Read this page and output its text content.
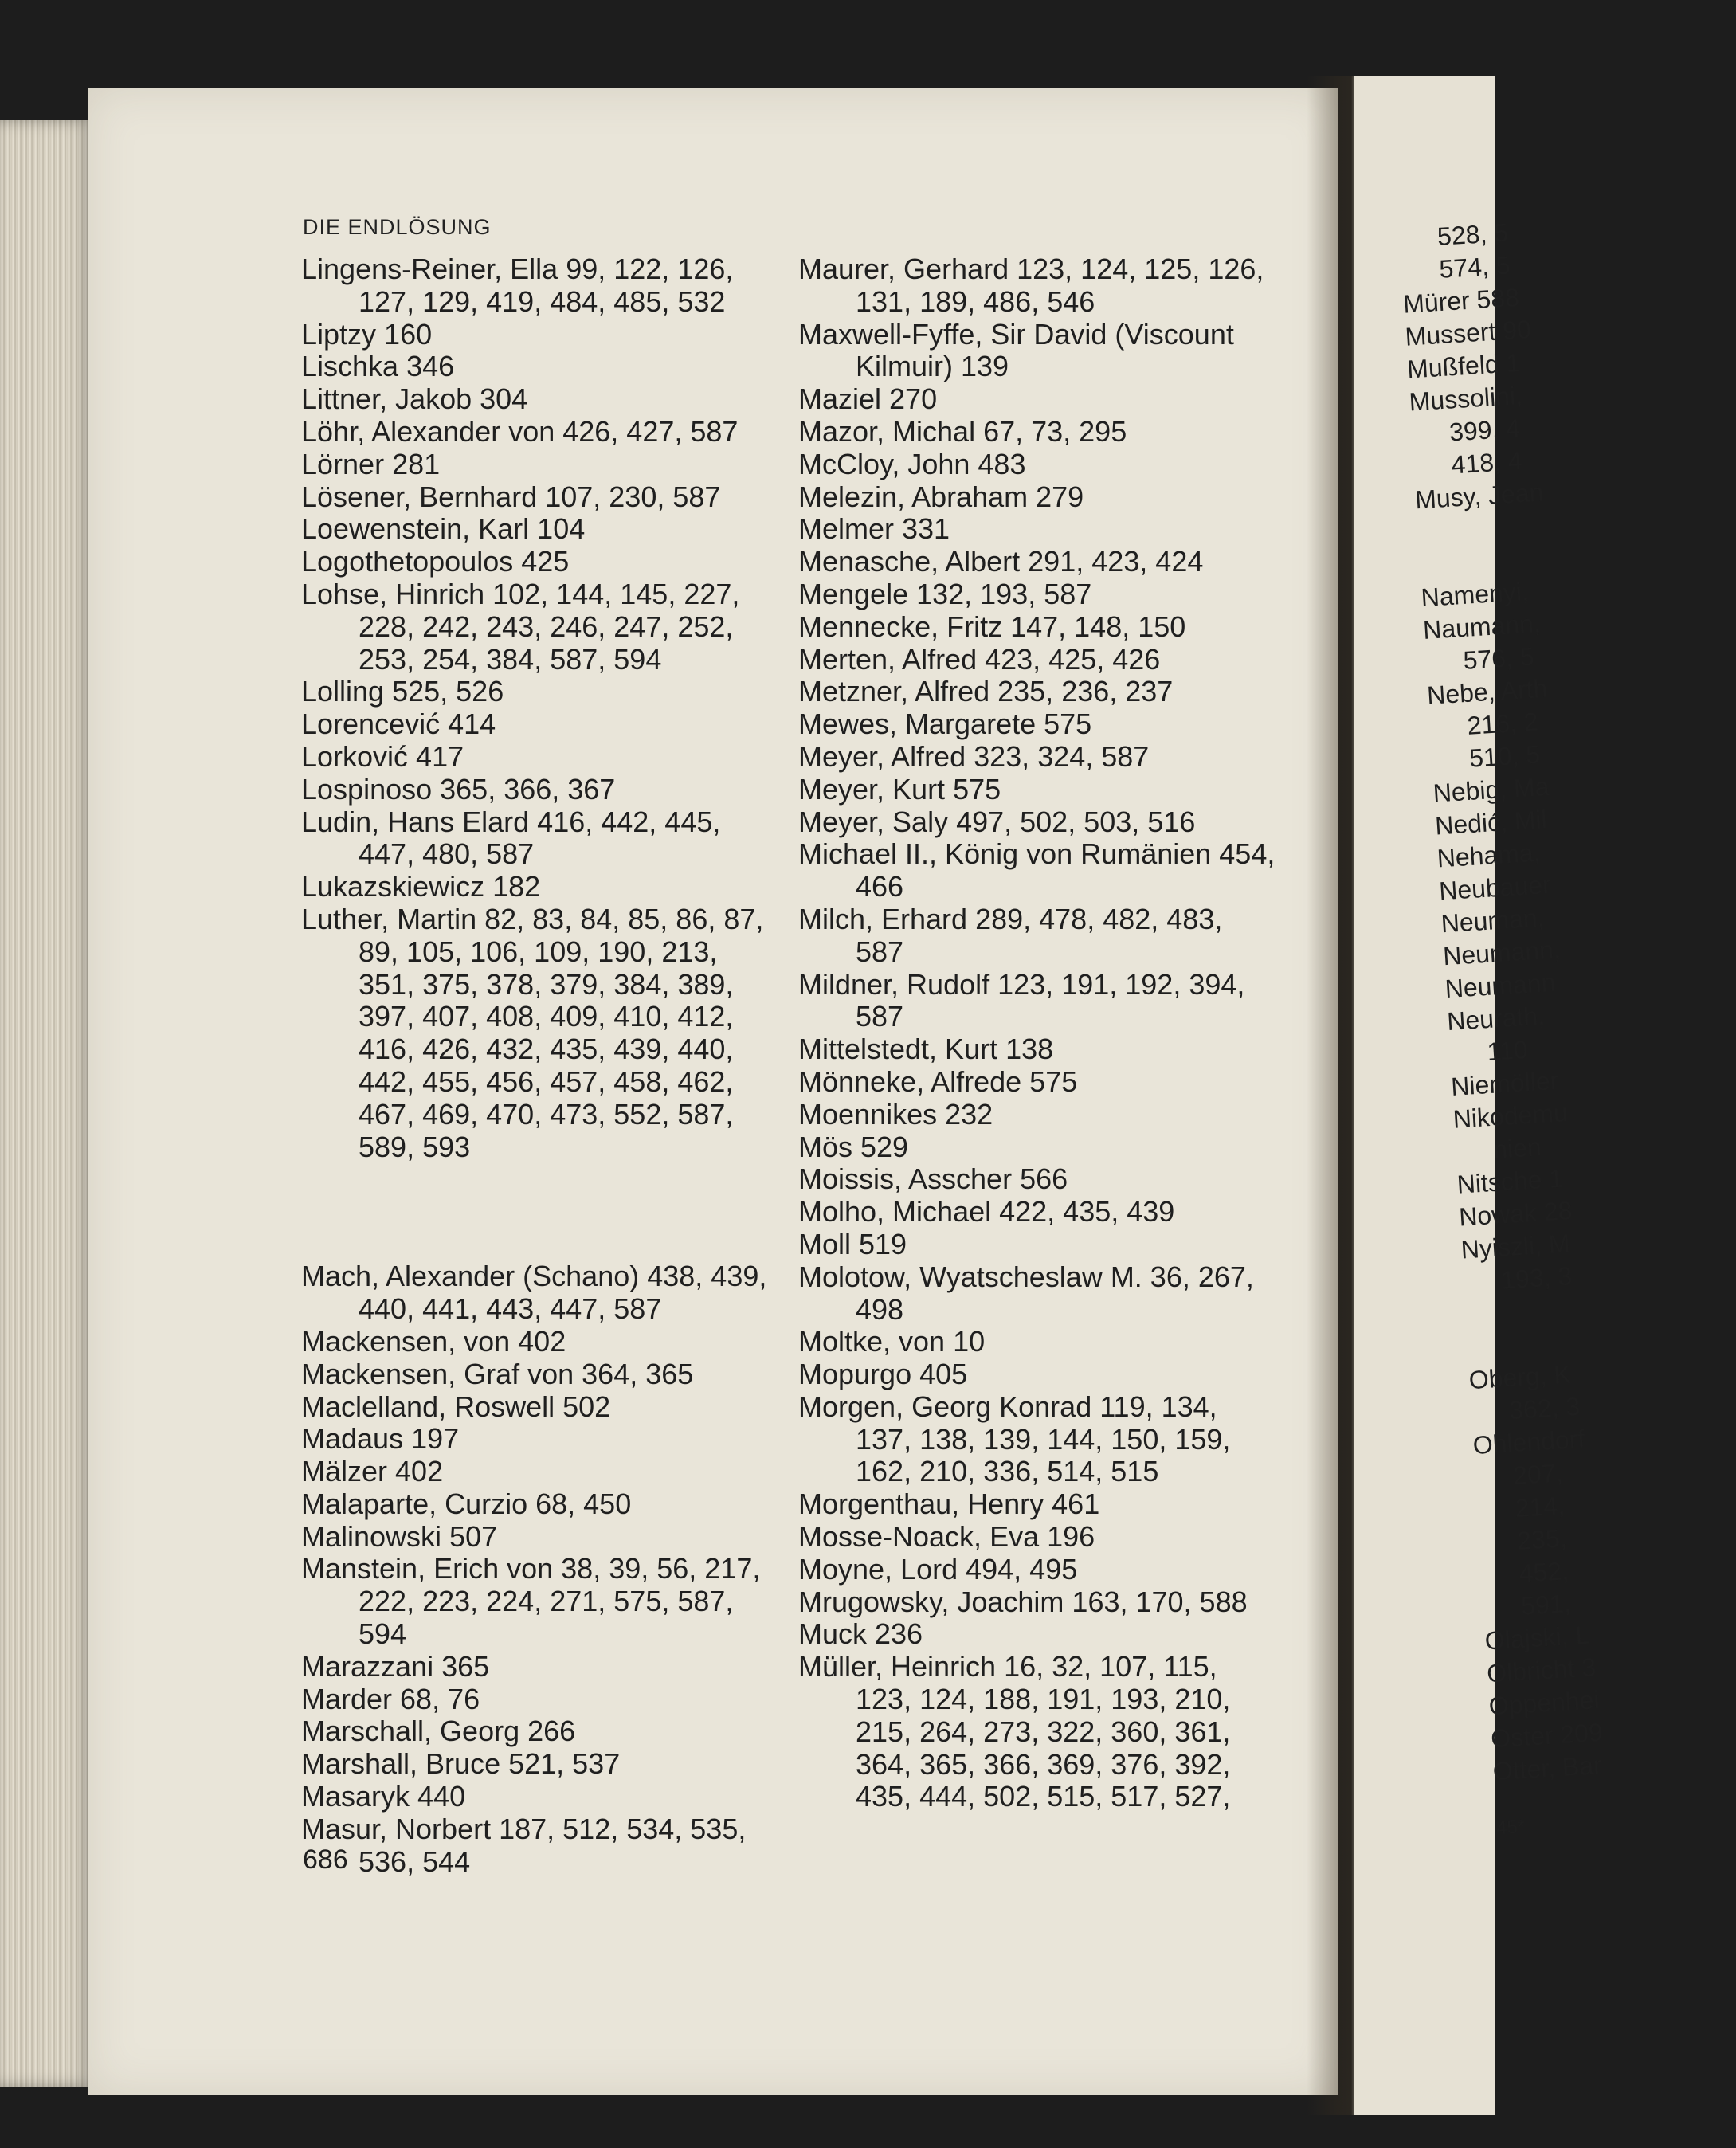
DIE ENDLÖSUNG
Lingens-Reiner, Ella 99, 122, 126, 127, 129, 419, 484, 485, 532
Liptzy 160
Lischka 346
Littner, Jakob 304
Löhr, Alexander von 426, 427, 587
Lörner 281
Lösener, Bernhard 107, 230, 587
Loewenstein, Karl 104
Logothetopoulos 425
Lohse, Hinrich 102, 144, 145, 227, 228, 242, 243, 246, 247, 252, 253, 254, 384, 587, 594
Lolling 525, 526
Lorencević 414
Lorković 417
Lospinoso 365, 366, 367
Ludin, Hans Elard 416, 442, 445, 447, 480, 587
Lukazskiewicz 182
Luther, Martin 82, 83, 84, 85, 86, 87, 89, 105, 106, 109, 190, 213, 351, 375, 378, 379, 384, 389, 397, 407, 408, 409, 410, 412, 416, 426, 432, 435, 439, 440, 442, 455, 456, 457, 458, 462, 467, 469, 470, 473, 552, 587, 589, 593
Mach, Alexander (Schano) 438, 439, 440, 441, 443, 447, 587
Mackensen, von 402
Mackensen, Graf von 364, 365
Maclelland, Roswell 502
Madaus 197
Mälzer 402
Malaparte, Curzio 68, 450
Malinowski 507
Manstein, Erich von 38, 39, 56, 217, 222, 223, 224, 271, 575, 587, 594
Marazzani 365
Marder 68, 76
Marschall, Georg 266
Marshall, Bruce 521, 537
Masaryk 440
Masur, Norbert 187, 512, 534, 535, 536, 544
Maurer, Gerhard 123, 124, 125, 126, 131, 189, 486, 546
Maxwell-Fyffe, Sir David (Viscount Kilmuir) 139
Maziel 270
Mazor, Michal 67, 73, 295
McCloy, John 483
Melezin, Abraham 279
Melmer 331
Menasche, Albert 291, 423, 424
Mengele 132, 193, 587
Mennecke, Fritz 147, 148, 150
Merten, Alfred 423, 425, 426
Metzner, Alfred 235, 236, 237
Mewes, Margarete 575
Meyer, Alfred 323, 324, 587
Meyer, Kurt 575
Meyer, Saly 497, 502, 503, 516
Michael II., König von Rumänien 454, 466
Milch, Erhard 289, 478, 482, 483, 587
Mildner, Rudolf 123, 191, 192, 394, 587
Mittelstedt, Kurt 138
Mönneke, Alfrede 575
Moennikes 232
Mös 529
Moissis, Asscher 566
Molho, Michael 422, 435, 439
Moll 519
Molotow, Wyatscheslaw M. 36, 267, 498
Moltke, von 10
Mopurgo 405
Morgen, Georg Konrad 119, 134, 137, 138, 139, 144, 150, 159, 162, 210, 336, 514, 515
Morgenthau, Henry 461
Mosse-Noack, Eva 196
Moyne, Lord 494, 495
Mrugowsky, Joachim 163, 170, 588
Muck 236
Müller, Heinrich 16, 32, 107, 115, 123, 124, 188, 191, 193, 210, 215, 264, 273, 322, 360, 361, 364, 365, 366, 369, 376, 392, 435, 444, 502, 515, 517, 527,
686
528, 5
574, 5
Mürer 588
Mussert 90
Mußfeld 1
Mussolini,
399, 4
418, 4
Musy, Jean
Namenyi,
Naumann,
576, 5
Nebe, Arth
216, 2
510, 5
Nebig, Ma
Nedić, Mil
Nehama,
Neubauer
Neuman,
Neumann,
Neumann
Neurath,
110
Niemöller
Nikodemu
nien
Nitsche 1
Nowak 28
Nyiszli, M
193, 3
Oberg, K
362, 3
Ohlendorf
207,
214,
235,
452,
591,
Olajski, L
Olbricht 3
Oppenhei
Oster 209
Otter, Bar
45*
